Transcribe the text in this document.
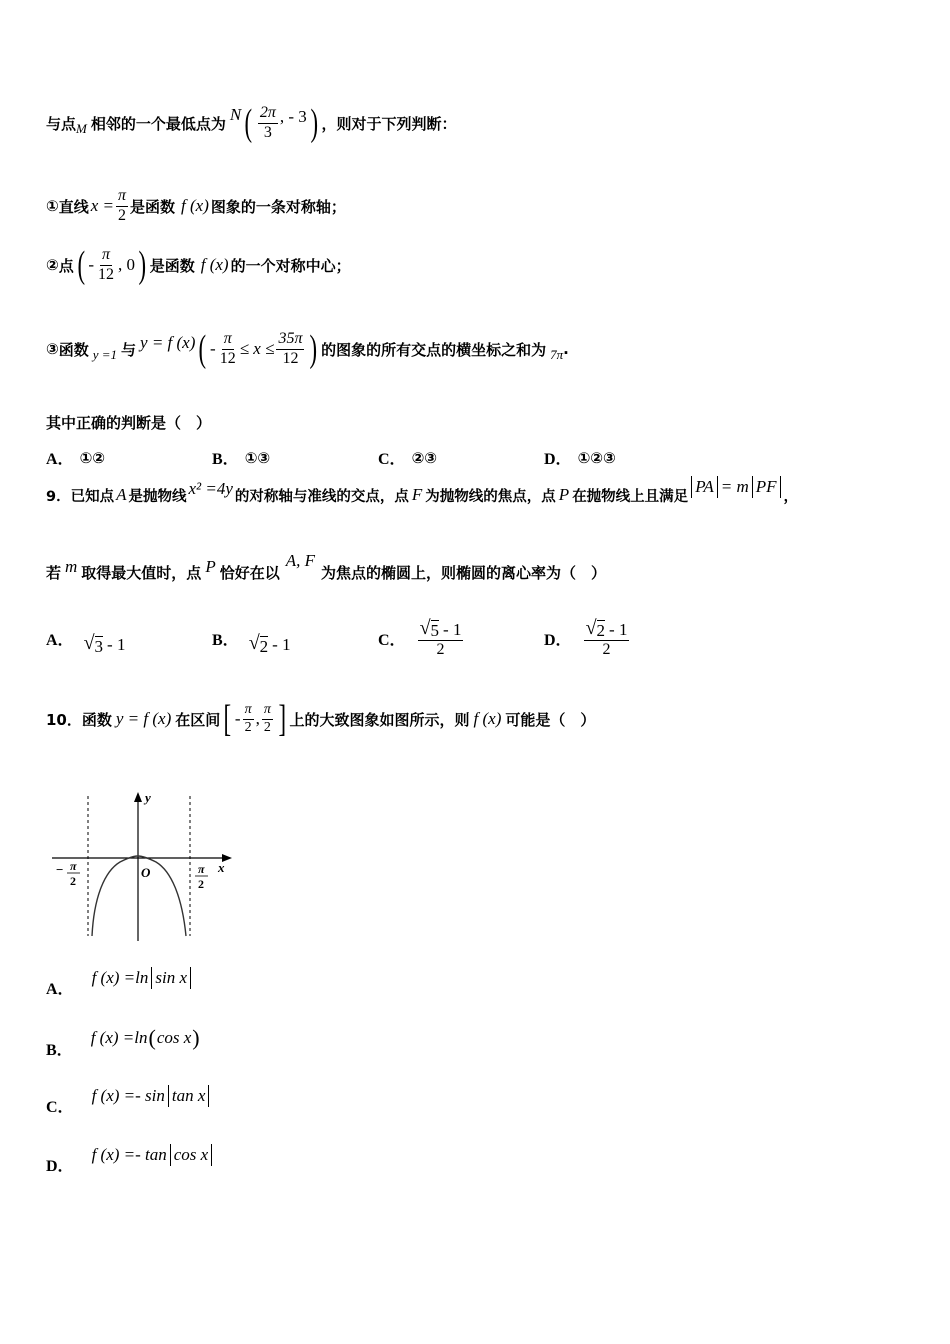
与点 M 相邻的一个最低点为 N ( $\frac{2\pi}{3}$ , - 3 ) ，则对于下列判断：
① 直线 $x = \frac{\pi}{2}$ 是函数 f (x) 图象的一条对称轴；
② 点 ( - $\frac{\pi}{12}$ , 0 ) 是函数 f (x) 的一个对称中心；
③ 函数 y =1 与 y = f (x) ( - $\frac{\pi}{12} \le x \le \frac{35\pi}{12}$ ) 的图象的所有交点的横坐标之和为 7π .
其中正确的判断是（　）
A． ①②	B． ①③	C． ②③	D． ①②③
9． 已知点 A 是抛物线 x² =4y 的对称轴与准线的交点，点 F 为抛物线的焦点，点 P 在抛物线上且满足
PA = m PF
，
若 m 取得最大值时，点 P 恰好在以
A, F
为焦点的椭圆上，则椭圆的离心率为（　）
A． √ 3 - 1	B． √ 2 - 1	C． $\frac{√ 5 - 1}{2}$	D． $\frac{√ 2 - 1}{2}$
10． 函数 y = f (x) 在区间 [ - $\frac{\pi}{2}$ , $\frac{\pi}{2}$ ] 上的大致图象如图所示，则 f (x) 可能是（　）
y
x
O
− π
2
π
2
A．
f (x) =ln sin x
B．
f (x) =ln ( cos x )
C．
f (x) =- sin tan x
D．
f (x) =- tan cos x
